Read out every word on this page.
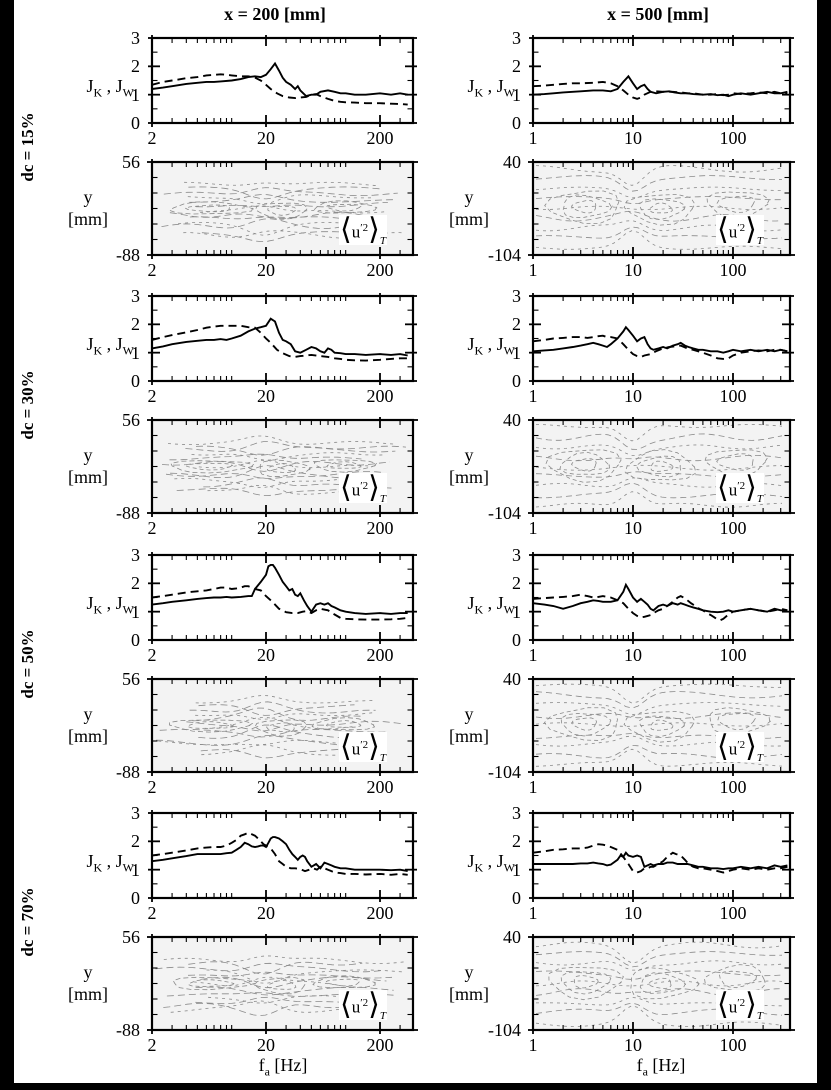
x = 200 [mm]	x = 500 [mm]
dc = 15%
dc = 30%
dc = 50%
dc = 70%
$f_a$ [Hz]	$f_a$ [Hz]
0
1
2
3
2	20	200
$J_K$ , $J_W$
56
-88
2	20	200
y
[mm]	⟨ $u^{'2}$ ⟩ T
0
1
2
3
1	10	100
$J_K$ , $J_W$
40
-104
1	10	100
y
[mm]	⟨ $u^{'2}$ ⟩ T
0
1
2
3
2	20	200
$J_K$ , $J_W$
56
-88
2	20	200
y
[mm]	⟨ $u^{'2}$ ⟩ T
0
1
2
3
1	10	100
$J_K$ , $J_W$
40
-104
1	10	100
y
[mm]	⟨ $u^{'2}$ ⟩ T
0
1
2
3
2	20	200
$J_K$ , $J_W$
56
-88
2	20	200
y
[mm]	⟨ $u^{'2}$ ⟩ T
0
1
2
3
1	10	100
$J_K$ , $J_W$
40
-104
1	10	100
y
[mm]	⟨ $u^{'2}$ ⟩ T
0
1
2
3
2	20	200
$J_K$ , $J_W$
56
-88
2	20	200
y
[mm]	⟨ $u^{'2}$ ⟩ T
0
1
2
3
1	10	100
$J_K$ , $J_W$
40
-104
1	10	100
y
[mm]	⟨ $u^{'2}$ ⟩ T
